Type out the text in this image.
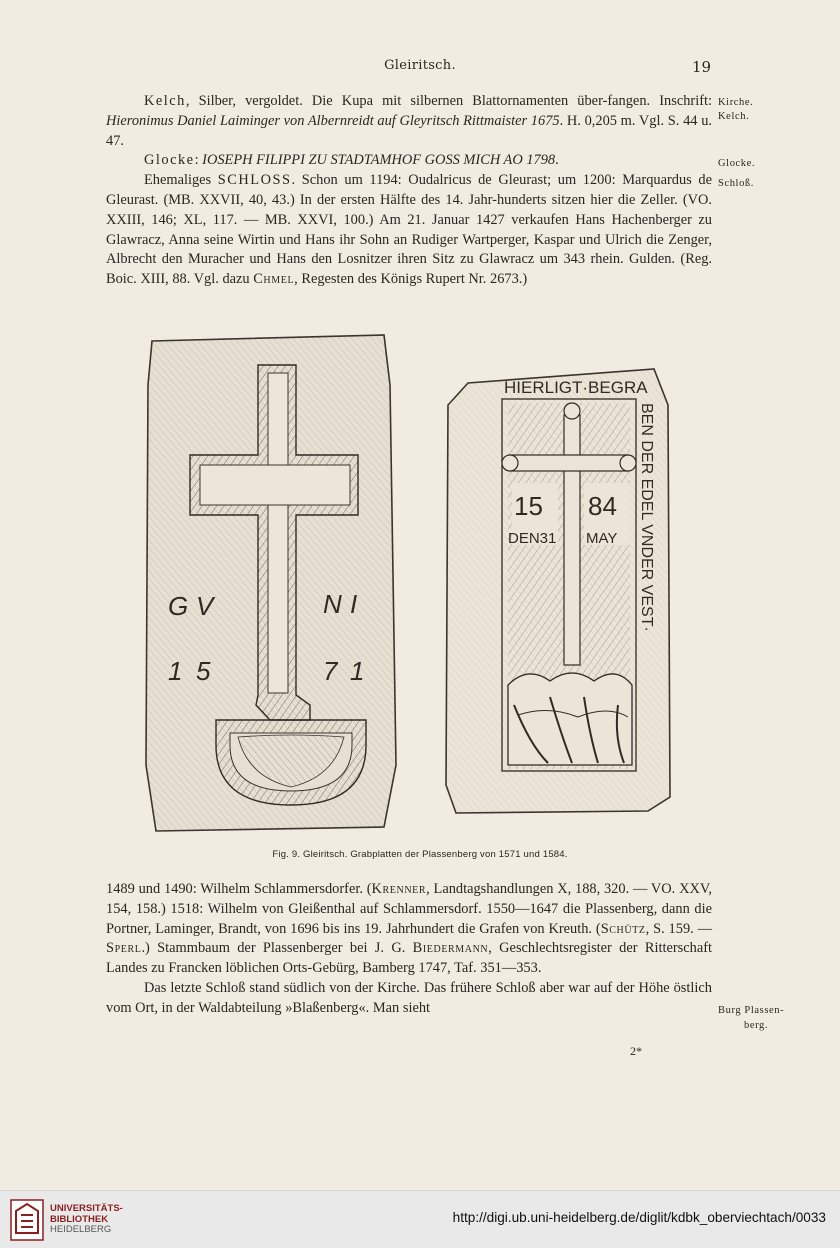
Gleiritsch.	19

Kelch, Silber, vergoldet. Die Kupa mit silbernen Blattornamenten über-fangen. Inschrift: Hieronimus Daniel Laiminger von Albernreidt auf Gleyritsch Rittmaister 1675. H. 0,205 m. Vgl. S. 44 u. 47.

Glocke: IOSEPH FILIPPI ZU STADTAMHOF GOSS MICH AO 1798.

Ehemaliges SCHLOSS. Schon um 1194: Oudalricus de Gleurast; um 1200: Marquardus de Gleurast. (MB. XXVII, 40, 43.) In der ersten Hälfte des 14. Jahr-hunderts sitzen hier die Zeller. (VO. XXIII, 146; XL, 117. — MB. XXVI, 100.) Am 21. Januar 1427 verkaufen Hans Hachenberger zu Glawracz, Anna seine Wirtin und Hans ihr Sohn an Rudiger Wartperger, Kaspar und Ulrich die Zenger, Albrecht den Muracher und Hans den Losnitzer ihren Sitz zu Glawracz um 343 rhein. Gulden. (Reg. Boic. XIII, 88. Vgl. dazu Chmel, Regesten des Königs Rupert Nr. 2673.)

Kirche.
Kelch.
Glocke.
Schloß.
G V	N I
1 5	7 1
15 84
DEN31 MAY
HIERLIGT·BEGRA
BEN DER EDEL VNDER VEST·
Fig. 9. Gleiritsch. Grabplatten der Plassenberg von 1571 und 1584.

1489 und 1490: Wilhelm Schlammersdorfer. (Krenner, Landtagshandlungen X, 188, 320. — VO. XXV, 154, 158.) 1518: Wilhelm von Gleißenthal auf Schlammersdorf. 1550—1647 die Plassenberg, dann die Portner, Laminger, Brandt, von 1696 bis ins 19. Jahrhundert die Grafen von Kreuth. (Schütz, S. 159. — Sperl.) Stammbaum der Plassenberger bei J. G. Biedermann, Geschlechtsregister der Ritterschaft Landes zu Francken löblichen Orts-Gebürg, Bamberg 1747, Taf. 351—353.

Das letzte Schloß stand südlich von der Kirche. Das frühere Schloß aber war auf der Höhe östlich vom Ort, in der Waldabteilung »Blaßenberg«. Man sieht	Burg Plassen-
berg.
2*
UNIVERSITÄTS-
BIBLIOTHEK
HEIDELBERG
http://digi.ub.uni-heidelberg.de/diglit/kdbk_oberviechtach/0033
